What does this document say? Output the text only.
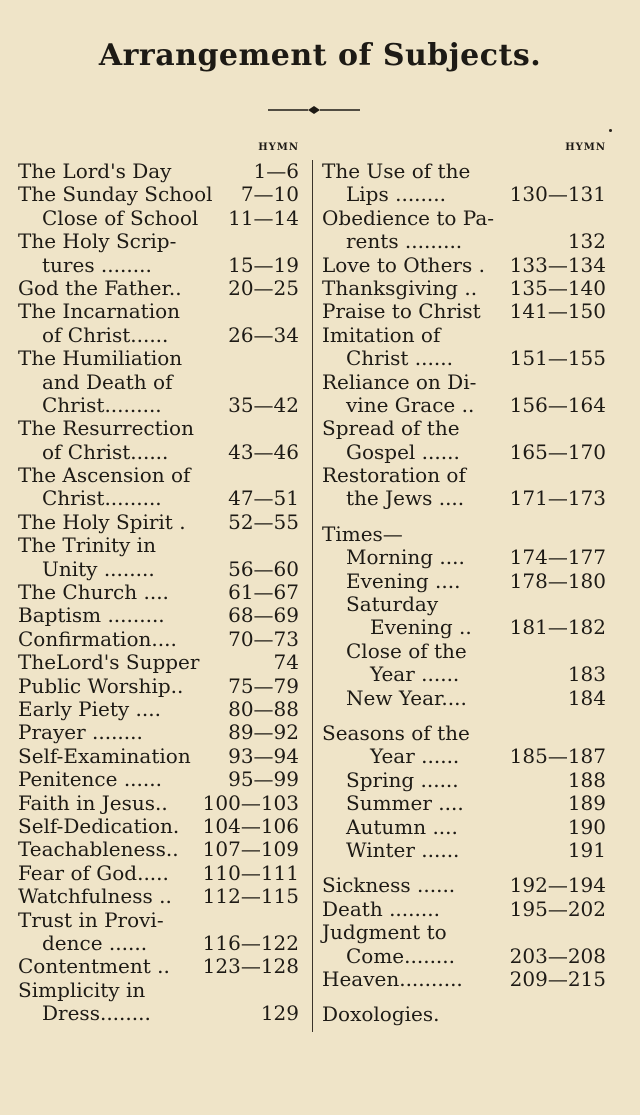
Arrangement of Subjects.
HYMN
The Lord's Day	1—6
The Sunday School 7—10
Close of School 11—14
The Holy Scrip-
tures ........	15—19
God the Father.. 20—25
The Incarnation
of Christ......	26—34
The Humiliation
and Death of
Christ.........	35—42
The Resurrection
of Christ......	43—46
The Ascension of
Christ.........	47—51
The Holy Spirit . 52—55
The Trinity in
Unity ........	56—60
The Church ....	61—67
Baptism .........	68—69
Confirmation....	70—73
TheLord's Supper	74
Public Worship.. 75—79
Early Piety ....	80—88
Prayer ........	89—92
Self-Examination 93—94
Penitence ......	95—99
Faith in Jesus.. 100—103
Self-Dedication. 104—106
Teachableness.. 107—109
Fear of God..... 110—111
Watchfulness .. 112—115
Trust in Provi-
dence ......	116—122
Contentment .. 123—128
Simplicity in
Dress........	129
HYMN
The Use of the
Lips ........	130—131
Obedience to Pa-
rents .........	132
Love to Others . 133—134
Thanksgiving .. 135—140
Praise to Christ 141—150
Imitation of
Christ ......	151—155
Reliance on Di-
vine Grace .. 156—164
Spread of the
Gospel ...... 165—170
Restoration of
the Jews .... 171—173
Times—
Morning .... 174—177
Evening .... 178—180
Saturday
Evening .. 181—182
Close of the
Year ......	183
New Year....	184
Seasons of the
Year ......	185—187
Spring ......	188
Summer ....	189
Autumn ....	190
Winter ......	191
Sickness ......	192—194
Death ........	195—202
Judgment to
Come........	203—208
Heaven.......... 209—215
Doxologies.
